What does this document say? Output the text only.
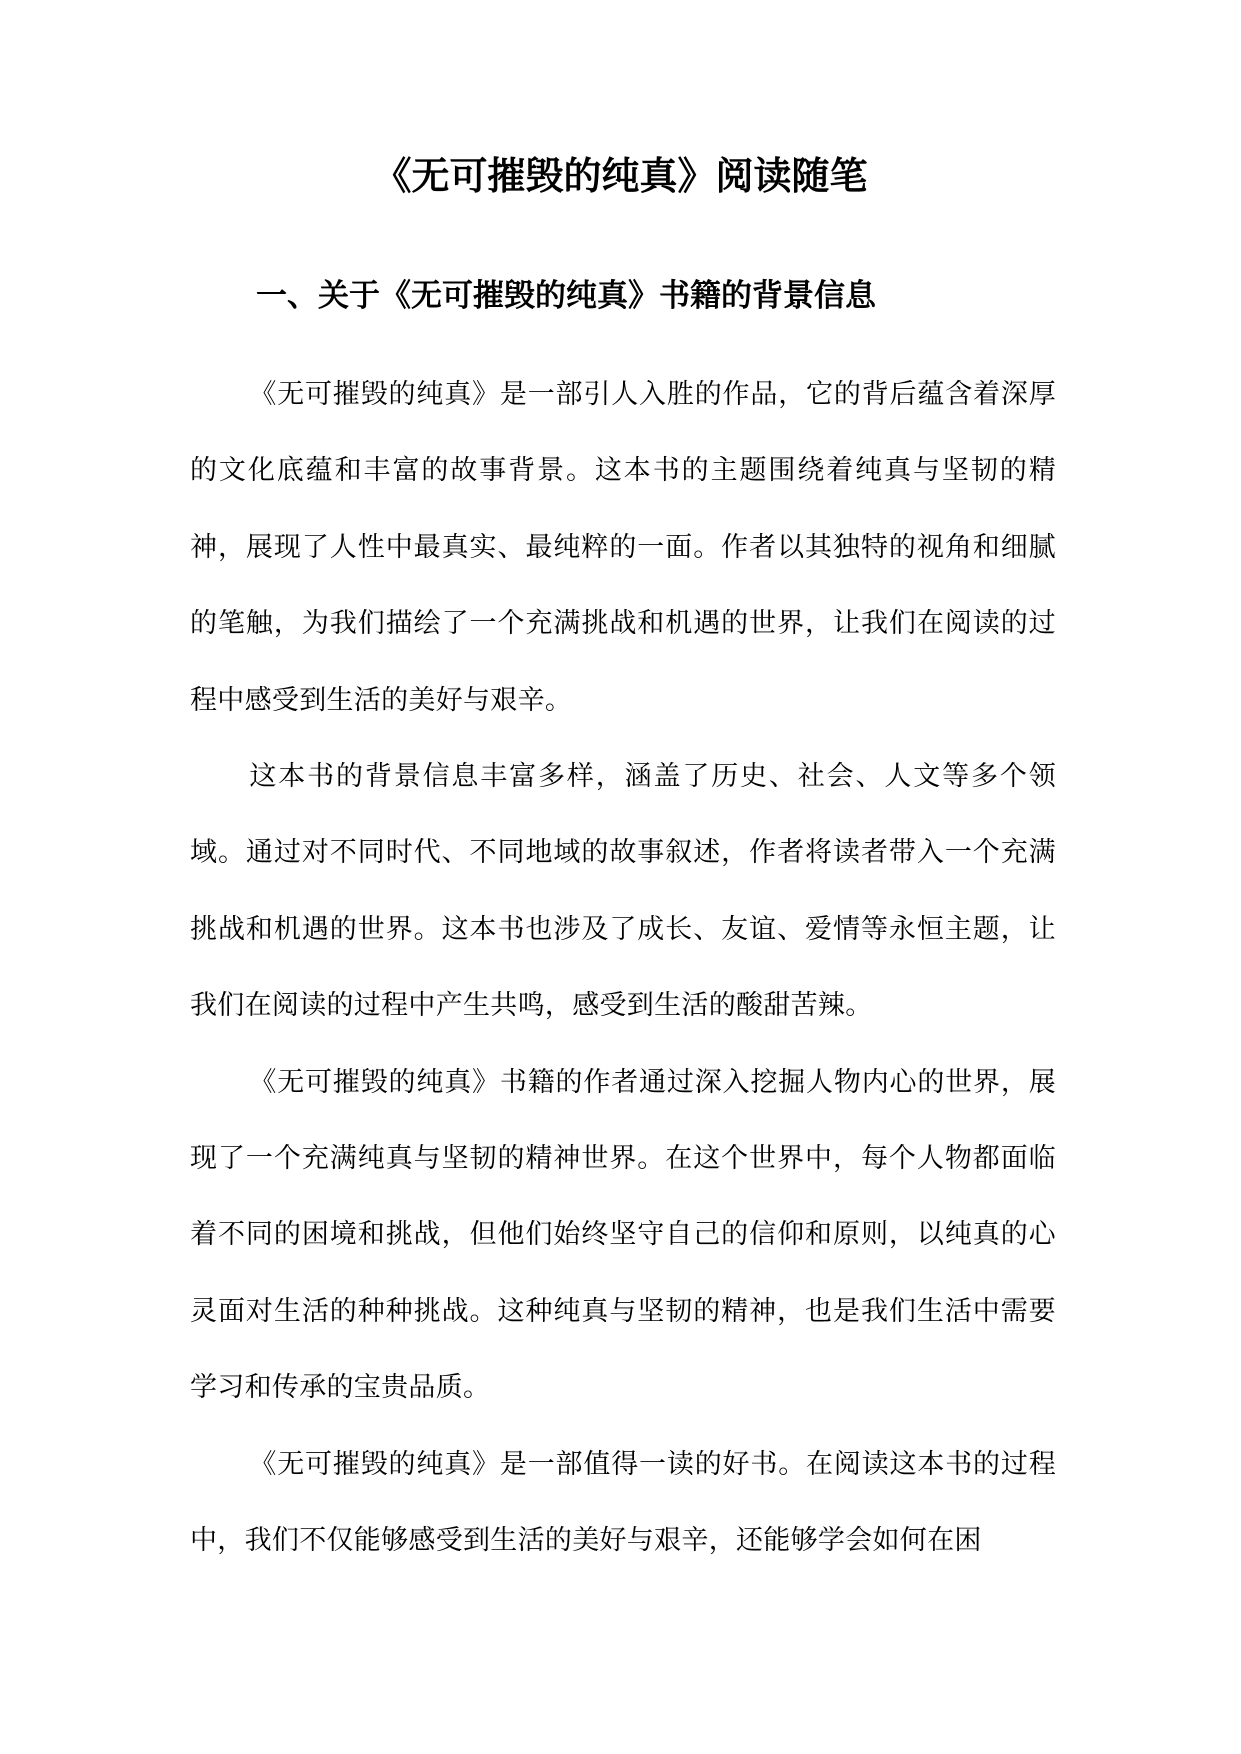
《无可摧毁的纯真》阅读随笔
一、关于《无可摧毁的纯真》书籍的背景信息

《无可摧毁的纯真》是一部引人入胜的作品，它的背后蕴含着深厚的文化底蕴和丰富的故事背景。这本书的主题围绕着纯真与坚韧的精神，展现了人性中最真实、最纯粹的一面。作者以其独特的视角和细腻的笔触，为我们描绘了一个充满挑战和机遇的世界，让我们在阅读的过程中感受到生活的美好与艰辛。

这本书的背景信息丰富多样，涵盖了历史、社会、人文等多个领域。通过对不同时代、不同地域的故事叙述，作者将读者带入一个充满挑战和机遇的世界。这本书也涉及了成长、友谊、爱情等永恒主题，让我们在阅读的过程中产生共鸣，感受到生活的酸甜苦辣。

《无可摧毁的纯真》书籍的作者通过深入挖掘人物内心的世界，展现了一个充满纯真与坚韧的精神世界。在这个世界中，每个人物都面临着不同的困境和挑战，但他们始终坚守自己的信仰和原则，以纯真的心灵面对生活的种种挑战。这种纯真与坚韧的精神，也是我们生活中需要学习和传承的宝贵品质。

《无可摧毁的纯真》是一部值得一读的好书。在阅读这本书的过程中，我们不仅能够感受到生活的美好与艰辛，还能够学会如何在困
